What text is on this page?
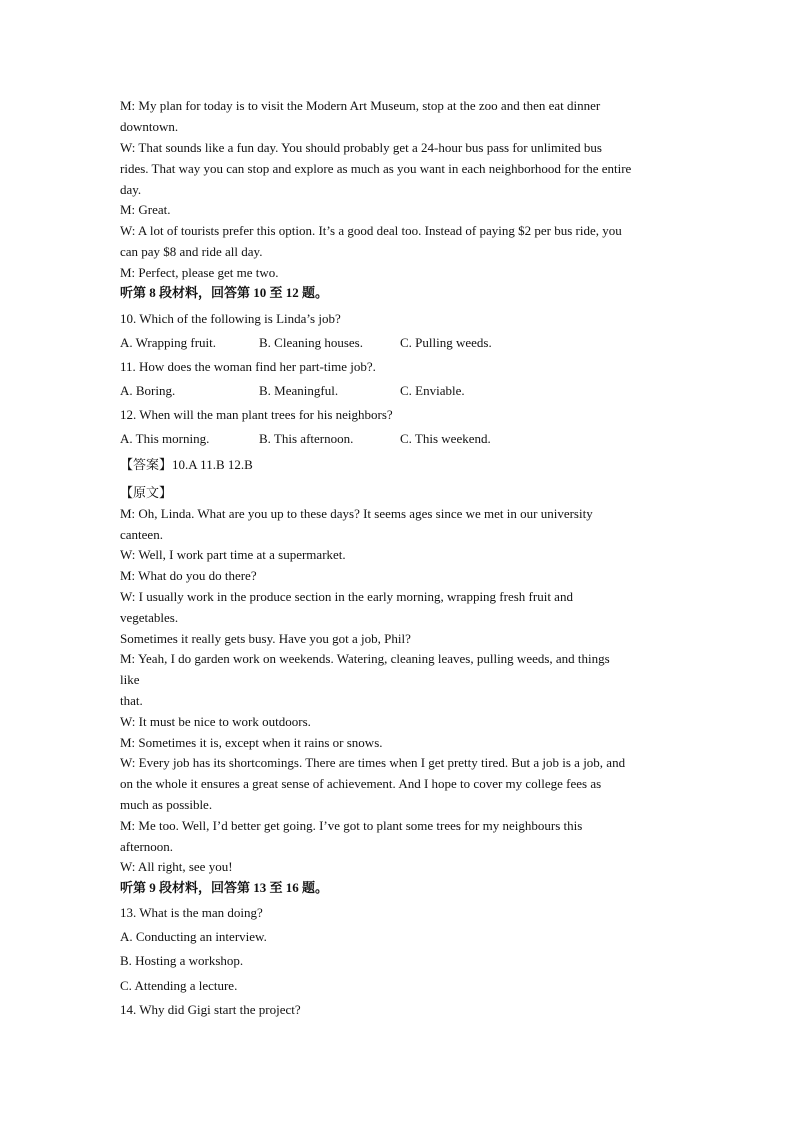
M: My plan for today is to visit the Modern Art Museum, stop at the zoo and then eat dinner
downtown.
W: That sounds like a fun day. You should probably get a 24-hour bus pass for unlimited bus
rides. That way you can stop and explore as much as you want in each neighborhood for the entire
day.
M: Great.
W: A lot of tourists prefer this option. It’s a good deal too. Instead of paying $2 per bus ride, you
can pay $8 and ride all day.
M: Perfect, please get me two.
听第 8 段材料，回答第 10 至 12 题。
10. Which of the following is Linda’s job?
A. Wrapping fruit.	B. Cleaning houses.	C. Pulling weeds.
11. How does the woman find her part-time job?.
A. Boring.	B. Meaningful.	C. Enviable.
12. When will the man plant trees for his neighbors?
A. This morning.	B. This afternoon.	C. This weekend.
【答案】10.A 11.B 12.B
【原文】
M: Oh, Linda. What are you up to these days? It seems ages since we met in our university
canteen.
W: Well, I work part time at a supermarket.
M: What do you do there?
W: I usually work in the produce section in the early morning, wrapping fresh fruit and
vegetables.
Sometimes it really gets busy. Have you got a job, Phil?
M: Yeah, I do garden work on weekends. Watering, cleaning leaves, pulling weeds, and things
like
that.
W: It must be nice to work outdoors.
M: Sometimes it is, except when it rains or snows.
W: Every job has its shortcomings. There are times when I get pretty tired. But a job is a job, and
on the whole it ensures a great sense of achievement. And I hope to cover my college fees as
much as possible.
M: Me too. Well, I’d better get going. I’ve got to plant some trees for my neighbours this
afternoon.
W: All right, see you!
听第 9 段材料，回答第 13 至 16 题。
13. What is the man doing?
A. Conducting an interview.
B. Hosting a workshop.
C. Attending a lecture.
14. Why did Gigi start the project?
